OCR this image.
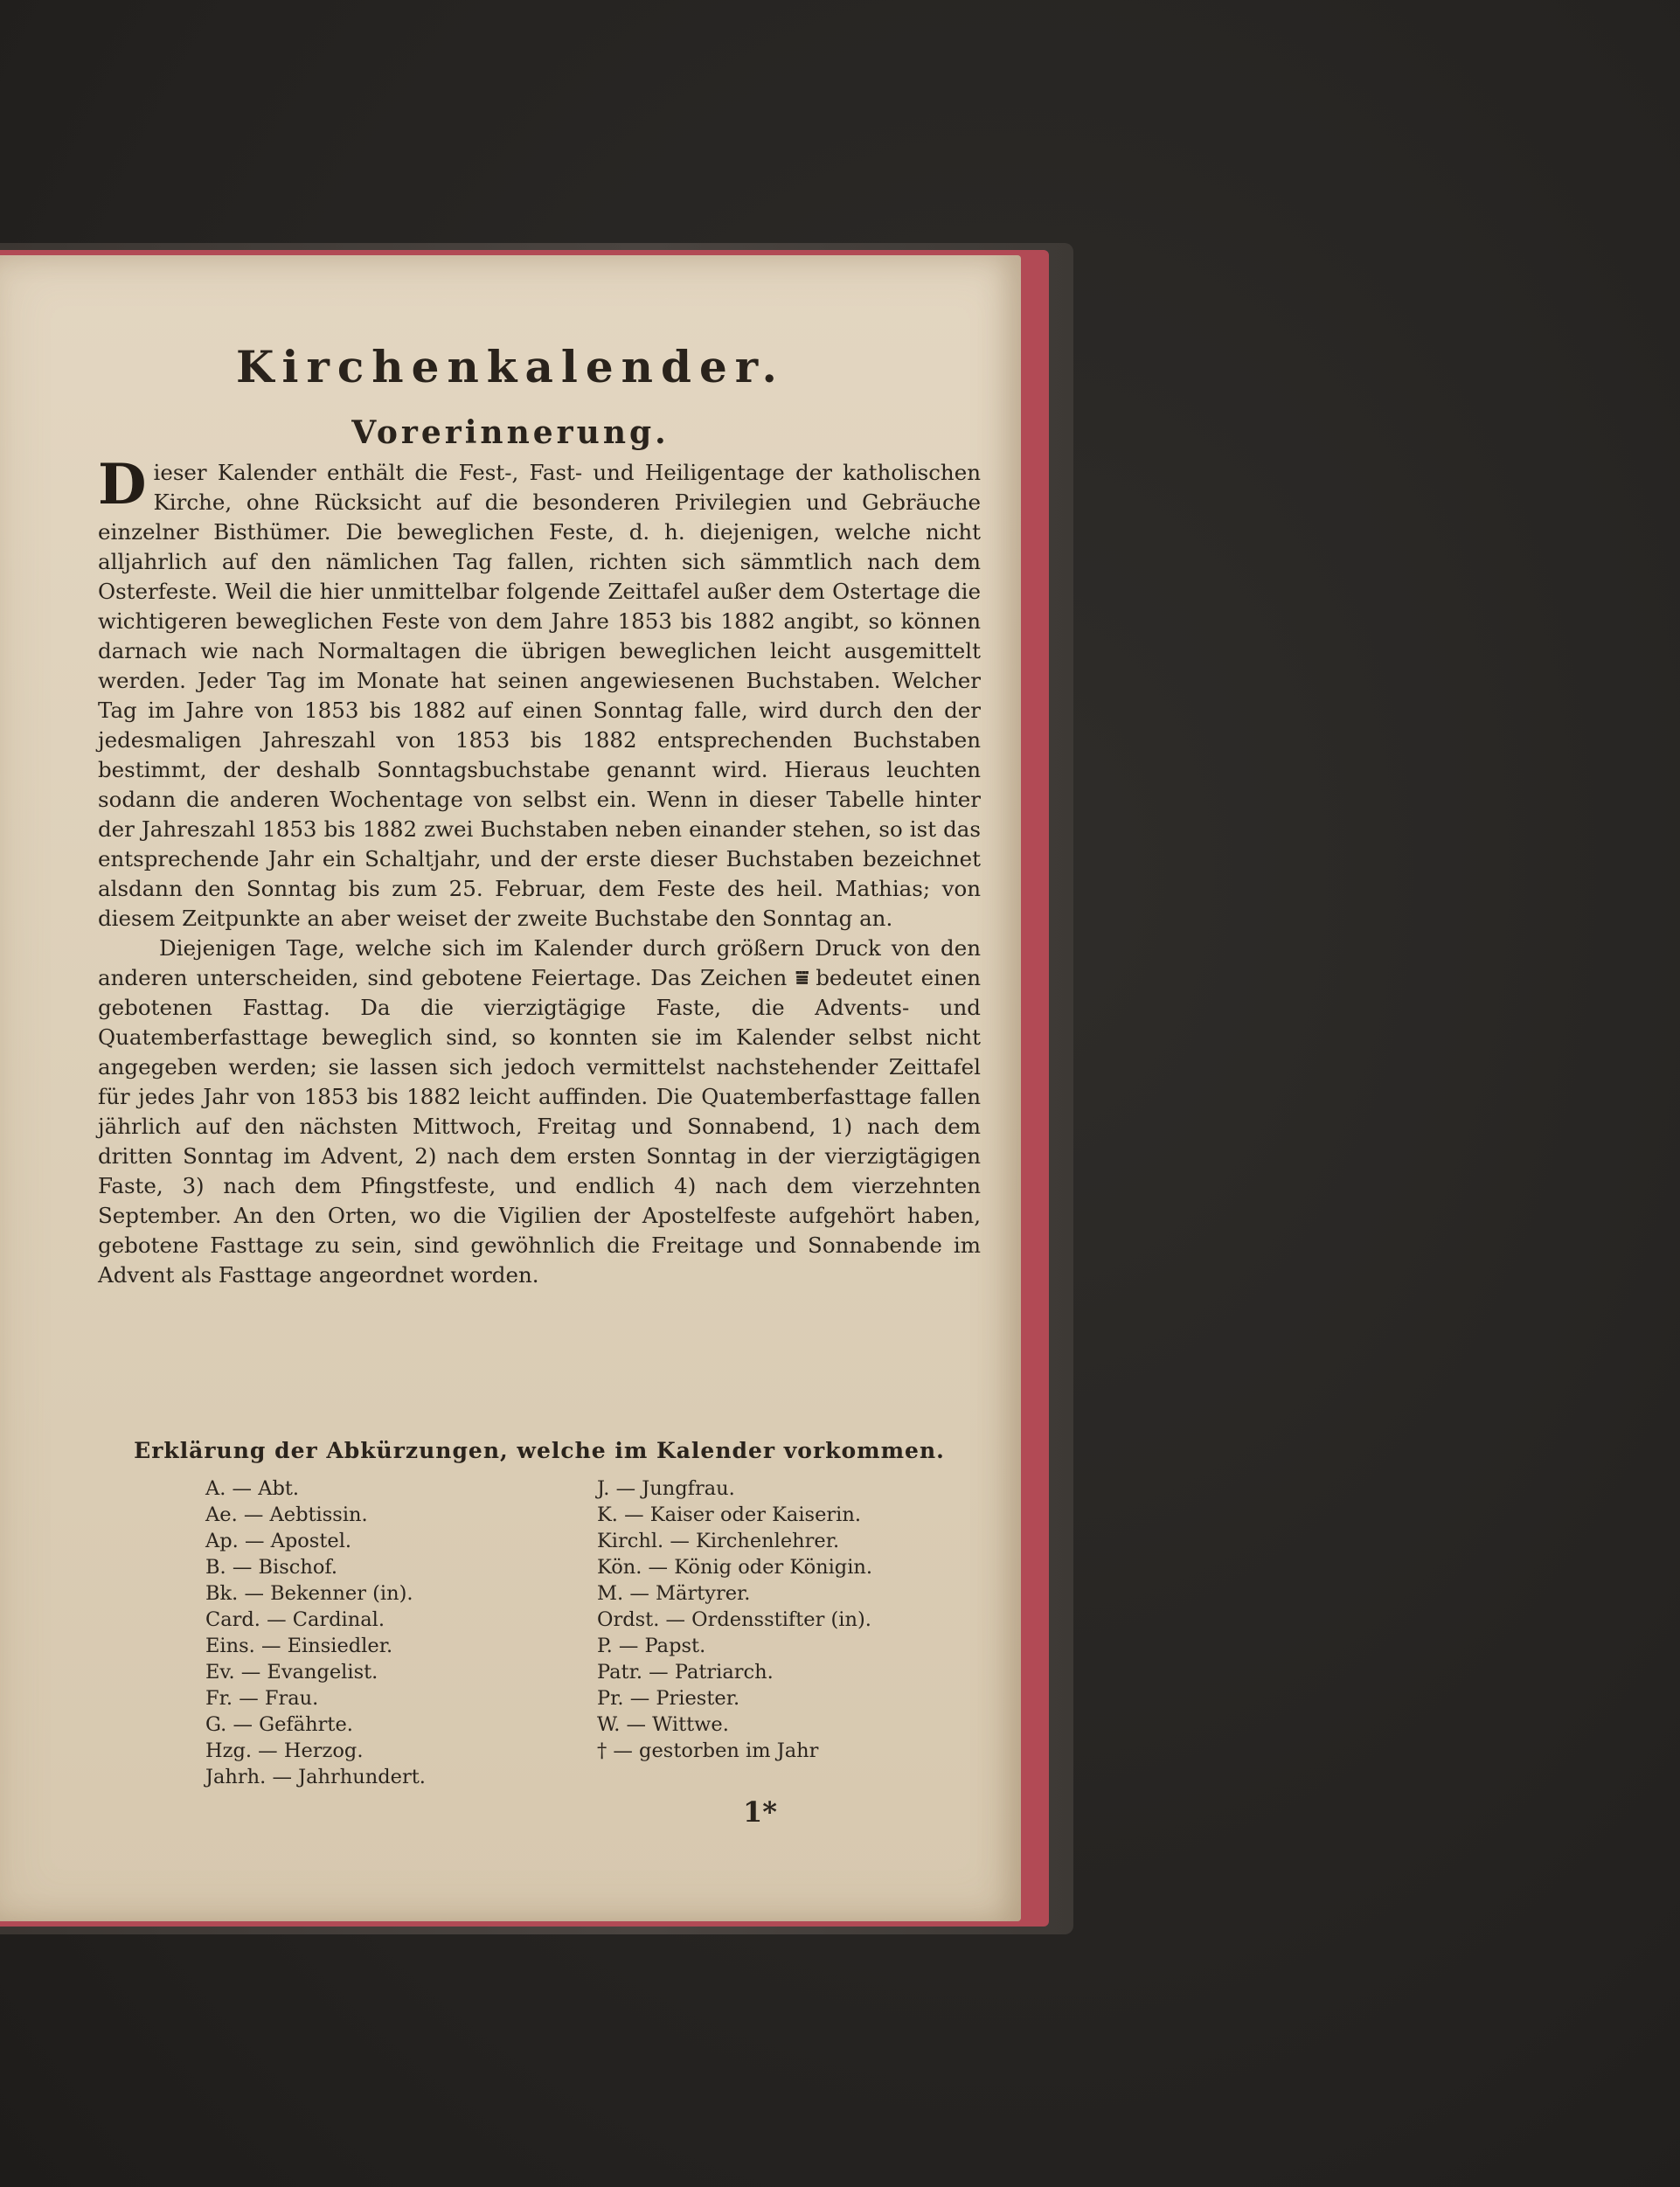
Kirchenkalender.
Vorerinnerung.

Dieser Kalender enthält die Fest-, Fast- und Heiligentage der katholischen Kirche, ohne Rücksicht auf die besonderen Privilegien und Gebräuche einzelner Bisthümer. Die beweglichen Feste, d. h. diejenigen, welche nicht alljahrlich auf den nämlichen Tag fallen, richten sich sämmtlich nach dem Osterfeste. Weil die hier unmittelbar folgende Zeittafel außer dem Ostertage die wichtigeren beweglichen Feste von dem Jahre 1853 bis 1882 angibt, so können darnach wie nach Normaltagen die übrigen beweglichen leicht ausgemittelt werden. Jeder Tag im Monate hat seinen angewiesenen Buchstaben. Welcher Tag im Jahre von 1853 bis 1882 auf einen Sonntag falle, wird durch den der jedesmaligen Jahreszahl von 1853 bis 1882 entsprechenden Buchstaben bestimmt, der deshalb Sonntagsbuchstabe genannt wird. Hieraus leuchten sodann die anderen Wochentage von selbst ein. Wenn in dieser Tabelle hinter der Jahreszahl 1853 bis 1882 zwei Buchstaben neben einander stehen, so ist das entsprechende Jahr ein Schaltjahr, und der erste dieser Buchstaben bezeichnet alsdann den Sonntag bis zum 25. Februar, dem Feste des heil. Mathias; von diesem Zeitpunkte an aber weiset der zweite Buchstabe den Sonntag an.

Diejenigen Tage, welche sich im Kalender durch größern Druck von den anderen unterscheiden, sind gebotene Feiertage. Das Zeichen ⩸ bedeutet einen gebotenen Fasttag. Da die vierzigtägige Faste, die Advents- und Quatemberfasttage beweglich sind, so konnten sie im Kalender selbst nicht angegeben werden; sie lassen sich jedoch vermittelst nachstehender Zeittafel für jedes Jahr von 1853 bis 1882 leicht auffinden. Die Quatemberfasttage fallen jährlich auf den nächsten Mittwoch, Freitag und Sonnabend, 1) nach dem dritten Sonntag im Advent, 2) nach dem ersten Sonntag in der vierzigtägigen Faste, 3) nach dem Pfingstfeste, und endlich 4) nach dem vierzehnten September. An den Orten, wo die Vigilien der Apostelfeste aufgehört haben, gebotene Fasttage zu sein, sind gewöhnlich die Freitage und Sonnabende im Advent als Fasttage angeordnet worden.

Erklärung der Abkürzungen, welche im Kalender vorkommen.
A. — Abt.
Ae. — Aebtissin.
Ap. — Apostel.
B. — Bischof.
Bk. — Bekenner (in).
Card. — Cardinal.
Eins. — Einsiedler.
Ev. — Evangelist.
Fr. — Frau.
G. — Gefährte.
Hzg. — Herzog.
Jahrh. — Jahrhundert.
J. — Jungfrau.
K. — Kaiser oder Kaiserin.
Kirchl. — Kirchenlehrer.
Kön. — König oder Königin.
M. — Märtyrer.
Ordst. — Ordensstifter (in).
P. — Papst.
Patr. — Patriarch.
Pr. — Priester.
W. — Wittwe.
† — gestorben im Jahr

1*
